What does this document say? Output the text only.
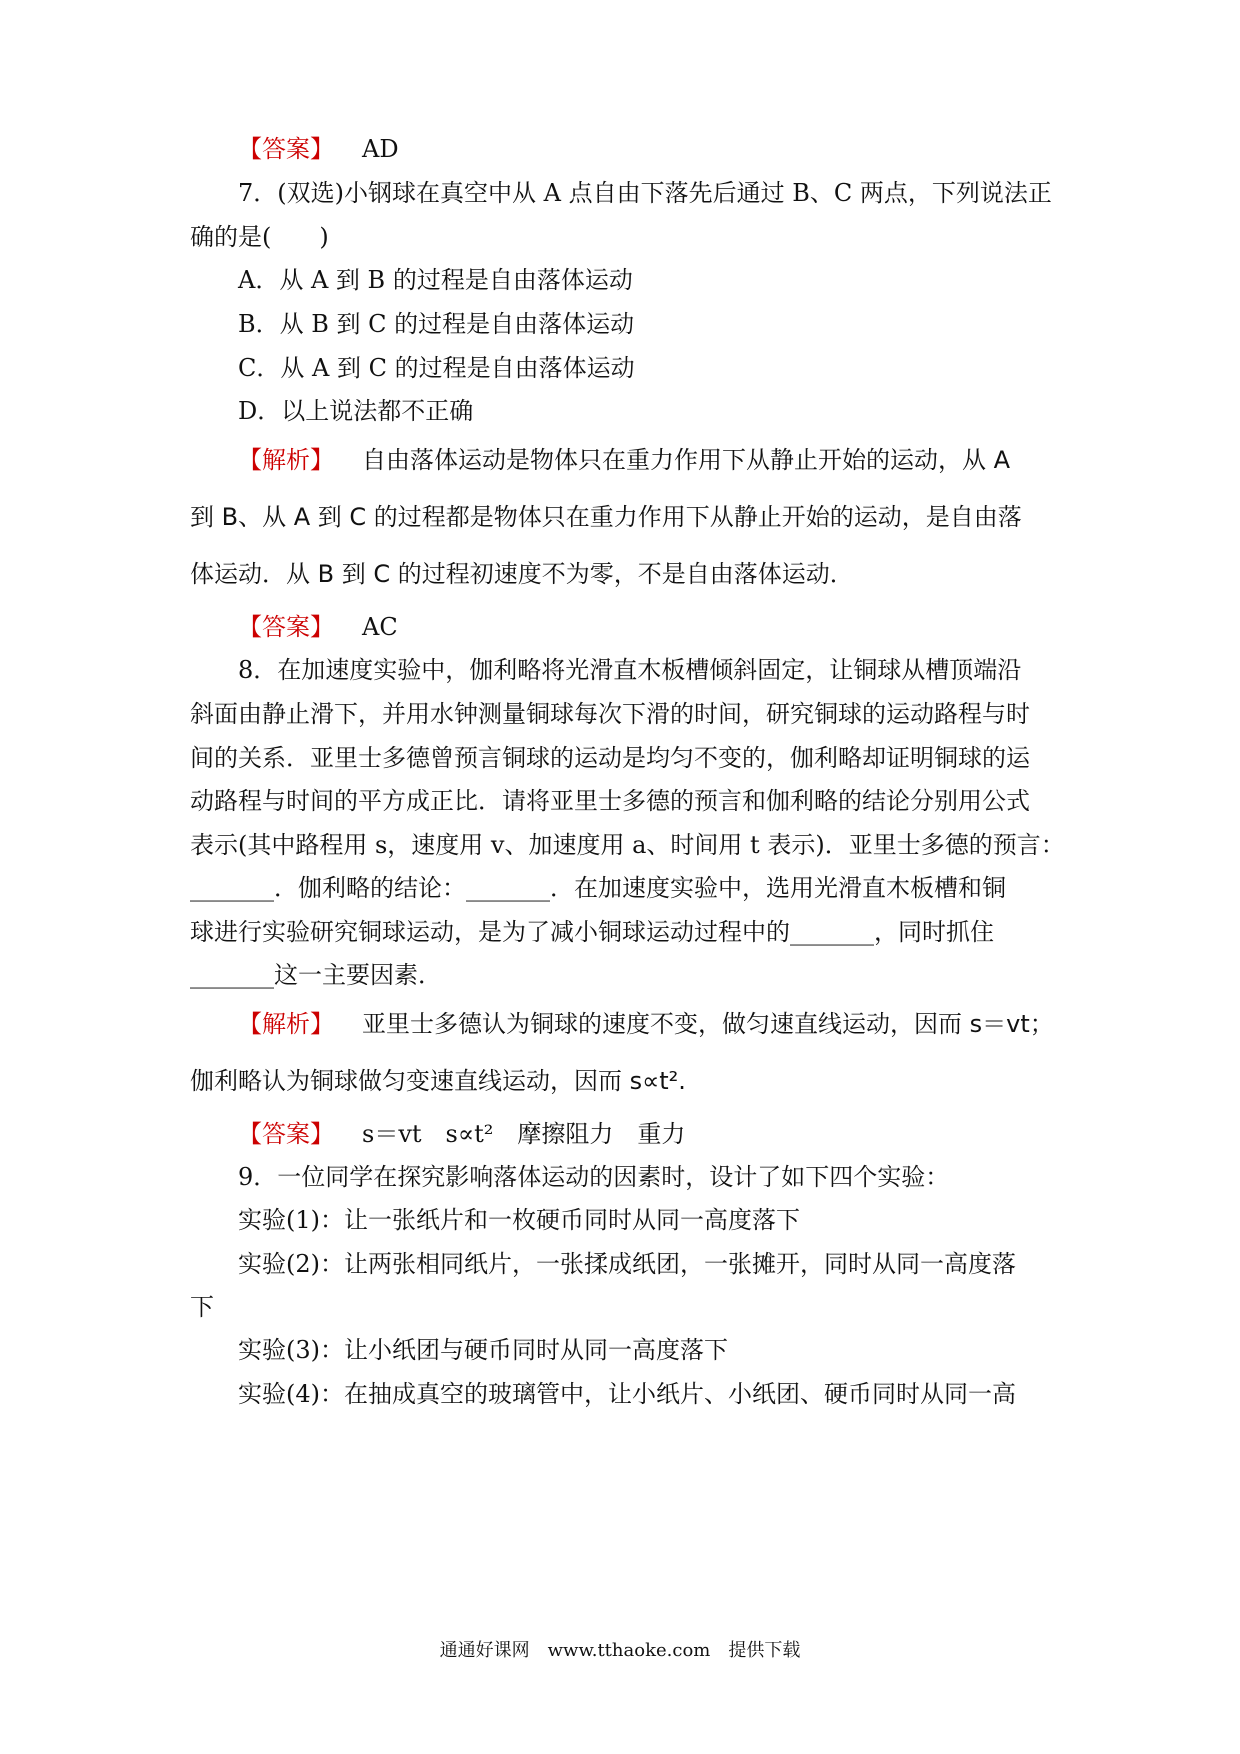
【答案】 AD
7．(双选)小钢球在真空中从 A 点自由下落先后通过 B、C 两点，下列说法正
确的是(　　)
A．从 A 到 B 的过程是自由落体运动
B．从 B 到 C 的过程是自由落体运动
C．从 A 到 C 的过程是自由落体运动
D．以上说法都不正确
【解析】 自由落体运动是物体只在重力作用下从静止开始的运动，从 A
到 B、从 A 到 C 的过程都是物体只在重力作用下从静止开始的运动，是自由落
体运动．从 B 到 C 的过程初速度不为零，不是自由落体运动．
【答案】 AC
8．在加速度实验中，伽利略将光滑直木板槽倾斜固定，让铜球从槽顶端沿
斜面由静止滑下，并用水钟测量铜球每次下滑的时间，研究铜球的运动路程与时
间的关系．亚里士多德曾预言铜球的运动是均匀不变的，伽利略却证明铜球的运
动路程与时间的平方成正比．请将亚里士多德的预言和伽利略的结论分别用公式
表示(其中路程用 s，速度用 v、加速度用 a、时间用 t 表示)．亚里士多德的预言：
_______．伽利略的结论：_______．在加速度实验中，选用光滑直木板槽和铜
球进行实验研究铜球运动，是为了减小铜球运动过程中的_______，同时抓住
_______这一主要因素．
【解析】 亚里士多德认为铜球的速度不变，做匀速直线运动，因而 s＝vt；
伽利略认为铜球做匀变速直线运动，因而 s∝t².
【答案】 s＝vt　s∝t²　摩擦阻力　重力
9．一位同学在探究影响落体运动的因素时，设计了如下四个实验：
实验(1)：让一张纸片和一枚硬币同时从同一高度落下
实验(2)：让两张相同纸片，一张揉成纸团，一张摊开，同时从同一高度落
下
实验(3)：让小纸团与硬币同时从同一高度落下
实验(4)：在抽成真空的玻璃管中，让小纸片、小纸团、硬币同时从同一高
通通好课网　www.tthaoke.com　提供下载
